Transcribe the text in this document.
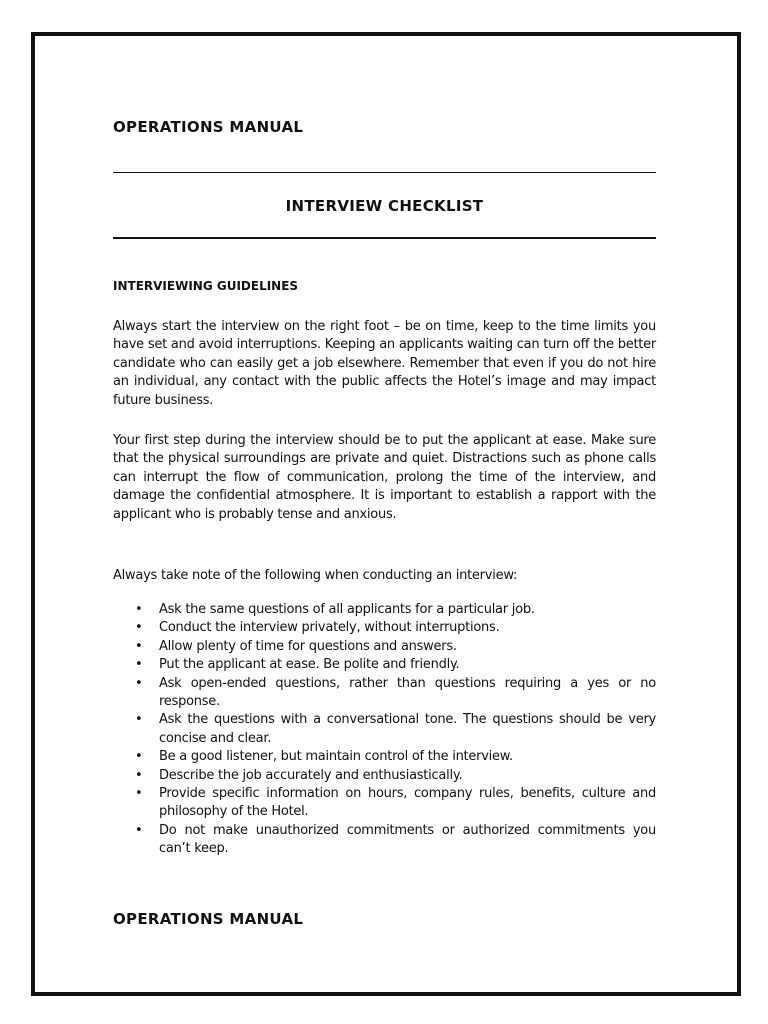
OPERATIONS MANUAL
INTERVIEW CHECKLIST
INTERVIEWING GUIDELINES

Always start the interview on the right foot – be on time, keep to the time limits you have set and avoid interruptions. Keeping an applicants waiting can turn off the better candidate who can easily get a job elsewhere. Remember that even if you do not hire an individual, any contact with the public affects the Hotel’s image and may impact future business.

Your first step during the interview should be to put the applicant at ease. Make sure that the physical surroundings are private and quiet. Distractions such as phone calls can interrupt the flow of communication, prolong the time of the interview, and damage the confidential atmosphere. It is important to establish a rapport with the applicant who is probably tense and anxious.

Always take note of the following when conducting an interview:

• Ask the same questions of all applicants for a particular job.
• Conduct the interview privately, without interruptions.
• Allow plenty of time for questions and answers.
• Put the applicant at ease. Be polite and friendly.
• Ask open-ended questions, rather than questions requiring a yes or no response.
• Ask the questions with a conversational tone. The questions should be very concise and clear.
• Be a good listener, but maintain control of the interview.
• Describe the job accurately and enthusiastically.
• Provide specific information on hours, company rules, benefits, culture and philosophy of the Hotel.
• Do not make unauthorized commitments or authorized commitments you can’t keep.
OPERATIONS MANUAL
